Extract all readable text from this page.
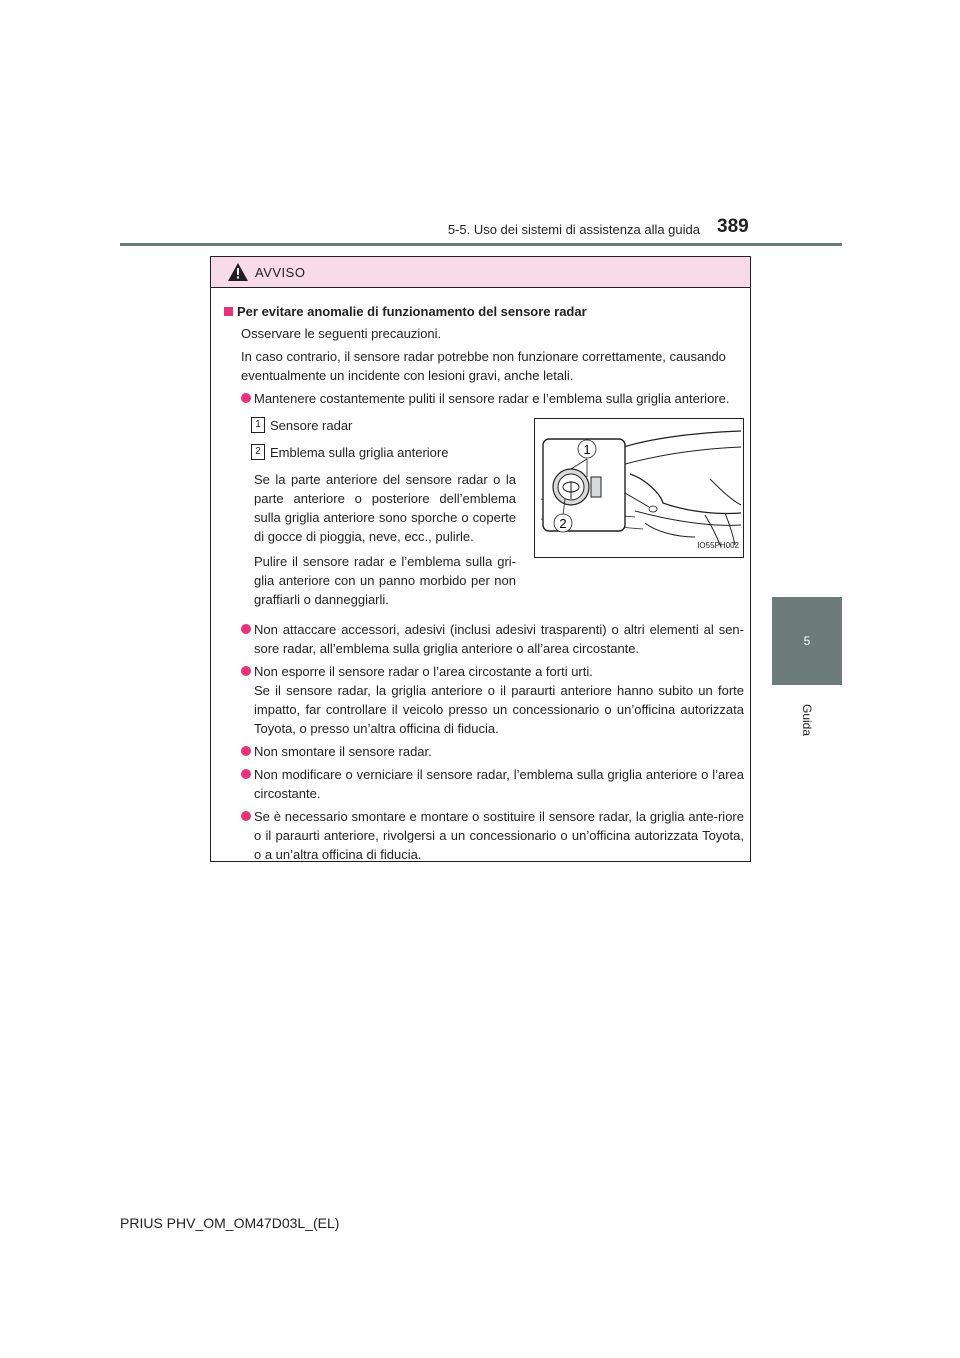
5-5. Uso dei sistemi di assistenza alla guida 389
5
Guida
AVVISO
Per evitare anomalie di funzionamento del sensore radar
Osservare le seguenti precauzioni.
In caso contrario, il sensore radar potrebbe non funzionare correttamente, causando eventualmente un incidente con lesioni gravi, anche letali.
Mantenere costantemente puliti il sensore radar e l’emblema sulla griglia anteriore.
1 Sensore radar
2 Emblema sulla griglia anteriore
Se la parte anteriore del sensore radar o la parte anteriore o posteriore dell’emblema sulla griglia anteriore sono sporche o coperte di gocce di pioggia, neve, ecc., pulirle.
Pulire il sensore radar e l’emblema sulla gri-glia anteriore con un panno morbido per non graffiarli o danneggiarli.
1
2
IO55PH002
Non attaccare accessori, adesivi (inclusi adesivi trasparenti) o altri elementi al sen-sore radar, all’emblema sulla griglia anteriore o all’area circostante.
Non esporre il sensore radar o l’area circostante a forti urti.
Se il sensore radar, la griglia anteriore o il paraurti anteriore hanno subito un forte impatto, far controllare il veicolo presso un concessionario o un’officina autorizzata Toyota, o presso un’altra officina di fiducia.
Non smontare il sensore radar.
Non modificare o verniciare il sensore radar, l’emblema sulla griglia anteriore o l’area circostante.
Se è necessario smontare e montare o sostituire il sensore radar, la griglia ante-riore o il paraurti anteriore, rivolgersi a un concessionario o un’officina autorizzata Toyota, o a un’altra officina di fiducia.
PRIUS PHV_OM_OM47D03L_(EL)
